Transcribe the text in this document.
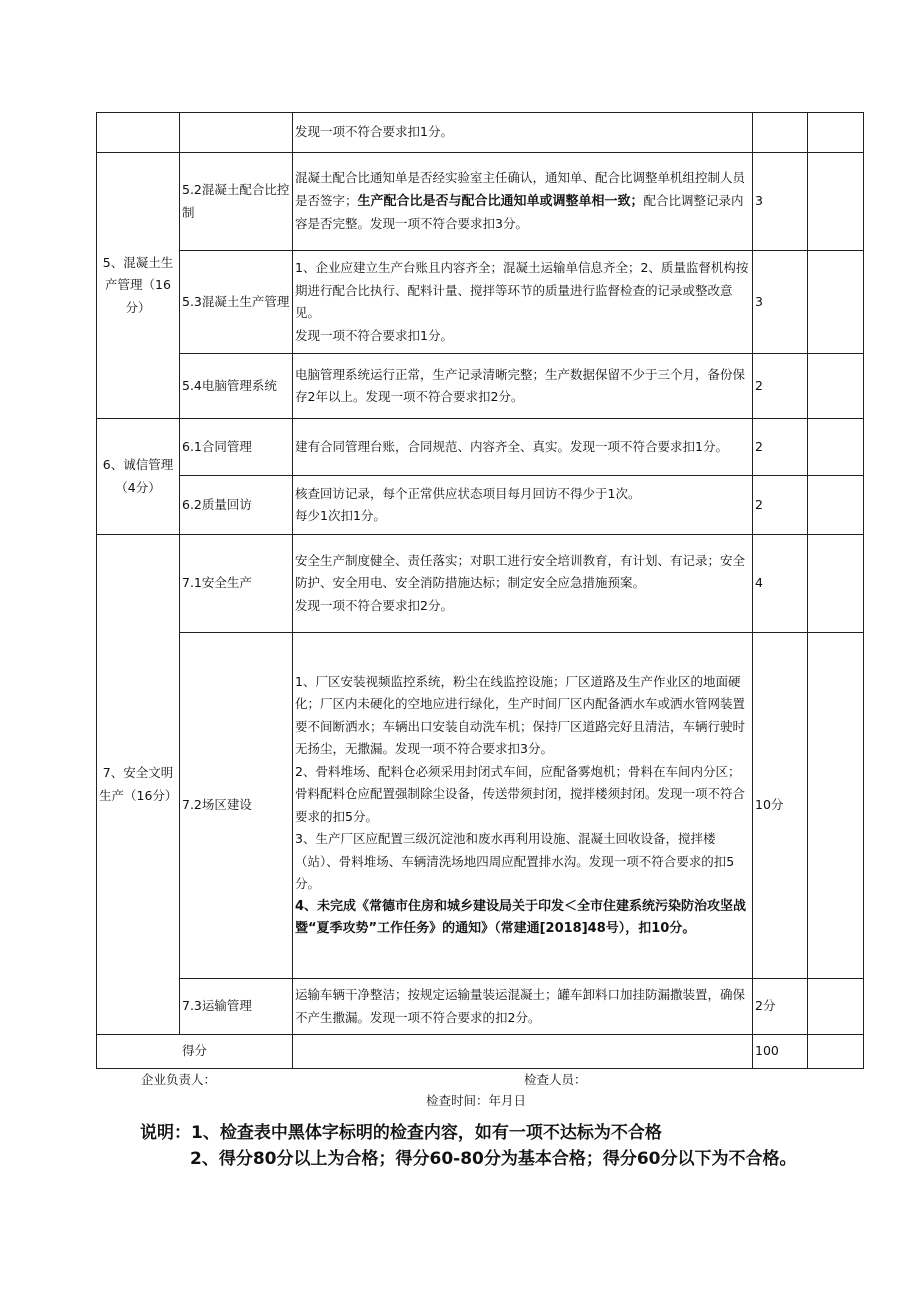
		发现一项不符合要求扣1分。		
5、混凝土生产管理（16分）	5.2混凝土配合比控制	混凝土配合比通知单是否经实验室主任确认，通知单、配合比调整单机组控制人员是否签字；生产配合比是否与配合比通知单或调整单相一致；配合比调整记录内容是否完整。发现一项不符合要求扣3分。	3	
	5.3混凝土生产管理	1、企业应建立生产台账且内容齐全；混凝土运输单信息齐全；2、质量监督机构按期进行配合比执行、配料计量、搅拌等环节的质量进行监督检查的记录或整改意见。
发现一项不符合要求扣1分。	3	
	5.4电脑管理系统	电脑管理系统运行正常，生产记录清晰完整；生产数据保留不少于三个月，备份保存2年以上。发现一项不符合要求扣2分。	2	
6、诚信管理（4分）	6.1合同管理	建有合同管理台账，合同规范、内容齐全、真实。发现一项不符合要求扣1分。	2	
	6.2质量回访	核查回访记录，每个正常供应状态项目每月回访不得少于1次。
每少1次扣1分。	2	
7、安全文明生产（16分）	7.1安全生产	安全生产制度健全、责任落实；对职工进行安全培训教育，有计划、有记录；安全防护、安全用电、安全消防措施达标；制定安全应急措施预案。
发现一项不符合要求扣2分。	4	
	7.2场区建设	1、厂区安装视频监控系统，粉尘在线监控设施；厂区道路及生产作业区的地面硬化；厂区内未硬化的空地应进行绿化，生产时间厂区内配备洒水车或洒水管网装置要不间断洒水；车辆出口安装自动洗车机；保持厂区道路完好且清洁，车辆行驶时无扬尘，无撒漏。发现一项不符合要求扣3分。
2、骨料堆场、配料仓必须采用封闭式车间，应配备雾炮机；骨料在车间内分区；骨料配料仓应配置强制除尘设备，传送带须封闭，搅拌楼须封闭。发现一项不符合要求的扣5分。
3、生产厂区应配置三级沉淀池和废水再利用设施、混凝土回收设备，搅拌楼（站）、骨料堆场、车辆清洗场地四周应配置排水沟。发现一项不符合要求的扣5分。
4、未完成《常德市住房和城乡建设局关于印发＜全市住建系统污染防治攻坚战暨“夏季攻势”工作任务》的通知》（常建通[2018]48号），扣10分。	10分	
	7.3运输管理	运输车辆干净整洁；按规定运输量装运混凝土；罐车卸料口加挂防漏撒装置，确保不产生撒漏。发现一项不符合要求的扣2分。	2分	
得分			100	
企业负责人：	检查人员：
检查时间：年月日
说明：1、检查表中黑体字标明的检查内容，如有一项不达标为不合格
2、得分80分以上为合格；得分60-80分为基本合格；得分60分以下为不合格。
